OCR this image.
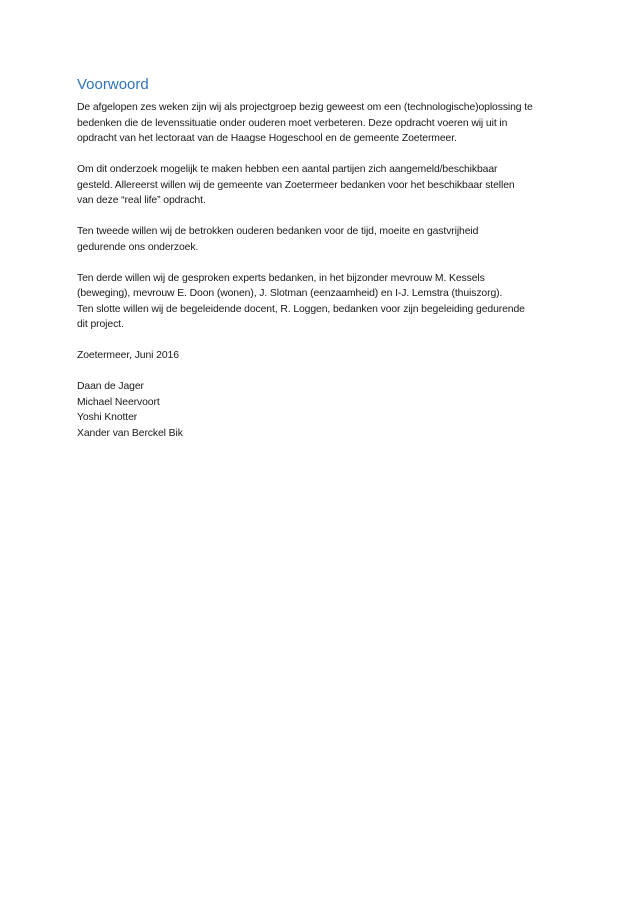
Voorwoord

De afgelopen zes weken zijn wij als projectgroep bezig geweest om een (technologische)oplossing te
bedenken die de levenssituatie onder ouderen moet verbeteren. Deze opdracht voeren wij uit in
opdracht van het lectoraat van de Haagse Hogeschool en de gemeente Zoetermeer.

Om dit onderzoek mogelijk te maken hebben een aantal partijen zich aangemeld/beschikbaar
gesteld. Allereerst willen wij de gemeente van Zoetermeer bedanken voor het beschikbaar stellen
van deze “real life” opdracht.

Ten tweede willen wij de betrokken ouderen bedanken voor de tijd, moeite en gastvrijheid
gedurende ons onderzoek.

Ten derde willen wij de gesproken experts bedanken, in het bijzonder mevrouw M. Kessels
(beweging), mevrouw E. Doon (wonen), J. Slotman (eenzaamheid) en I-J. Lemstra (thuiszorg).
Ten slotte willen wij de begeleidende docent, R. Loggen, bedanken voor zijn begeleiding gedurende
dit project.

Zoetermeer, Juni 2016

Daan de Jager
Michael Neervoort
Yoshi Knotter
Xander van Berckel Bik
